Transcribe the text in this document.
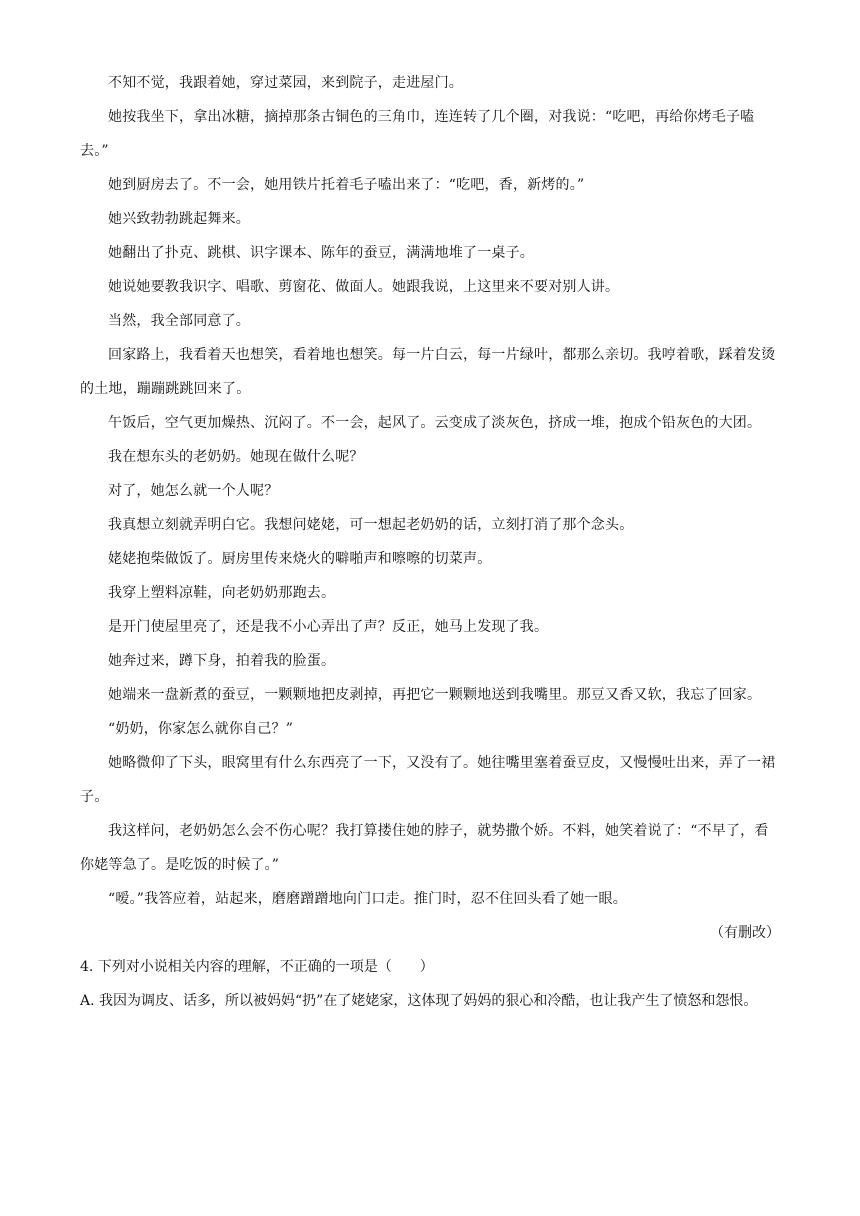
不知不觉，我跟着她，穿过菜园，来到院子，走进屋门。

她按我坐下，拿出冰糖，摘掉那条古铜色的三角巾，连连转了几个圈，对我说：“吃吧，再给你烤毛子嗑去。”

她到厨房去了。不一会，她用铁片托着毛子嗑出来了：“吃吧，香，新烤的。”

她兴致勃勃跳起舞来。

她翻出了扑克、跳棋、识字课本、陈年的蚕豆，满满地堆了一桌子。

她说她要教我识字、唱歌、剪窗花、做面人。她跟我说，上这里来不要对别人讲。

当然，我全部同意了。

回家路上，我看着天也想笑，看着地也想笑。每一片白云，每一片绿叶，都那么亲切。我哼着歌，踩着发烫的土地，蹦蹦跳跳回来了。

午饭后，空气更加燥热、沉闷了。不一会，起风了。云变成了淡灰色，挤成一堆，抱成个铅灰色的大团。

我在想东头的老奶奶。她现在做什么呢？

对了，她怎么就一个人呢？

我真想立刻就弄明白它。我想问姥姥，可一想起老奶奶的话，立刻打消了那个念头。

姥姥抱柴做饭了。厨房里传来烧火的噼啪声和嚓嚓的切菜声。

我穿上塑料凉鞋，向老奶奶那跑去。

是开门使屋里亮了，还是我不小心弄出了声？反正，她马上发现了我。

她奔过来，蹲下身，拍着我的脸蛋。

她端来一盘新煮的蚕豆，一颗颗地把皮剥掉，再把它一颗颗地送到我嘴里。那豆又香又软，我忘了回家。

“奶奶，你家怎么就你自己？”

她略微仰了下头，眼窝里有什么东西亮了一下，又没有了。她往嘴里塞着蚕豆皮，又慢慢吐出来，弄了一裙子。

我这样问，老奶奶怎么会不伤心呢？我打算搂住她的脖子，就势撒个娇。不料，她笑着说了：“不早了，看你姥等急了。是吃饭的时候了。”

“嗳。”我答应着，站起来，磨磨蹭蹭地向门口走。推门时，忍不住回头看了她一眼。

（有删改）

4. 下列对小说相关内容的理解，不正确的一项是（　　）

A. 我因为调皮、话多，所以被妈妈“扔”在了姥姥家，这体现了妈妈的狠心和冷酷，也让我产生了愤怒和怨恨。
